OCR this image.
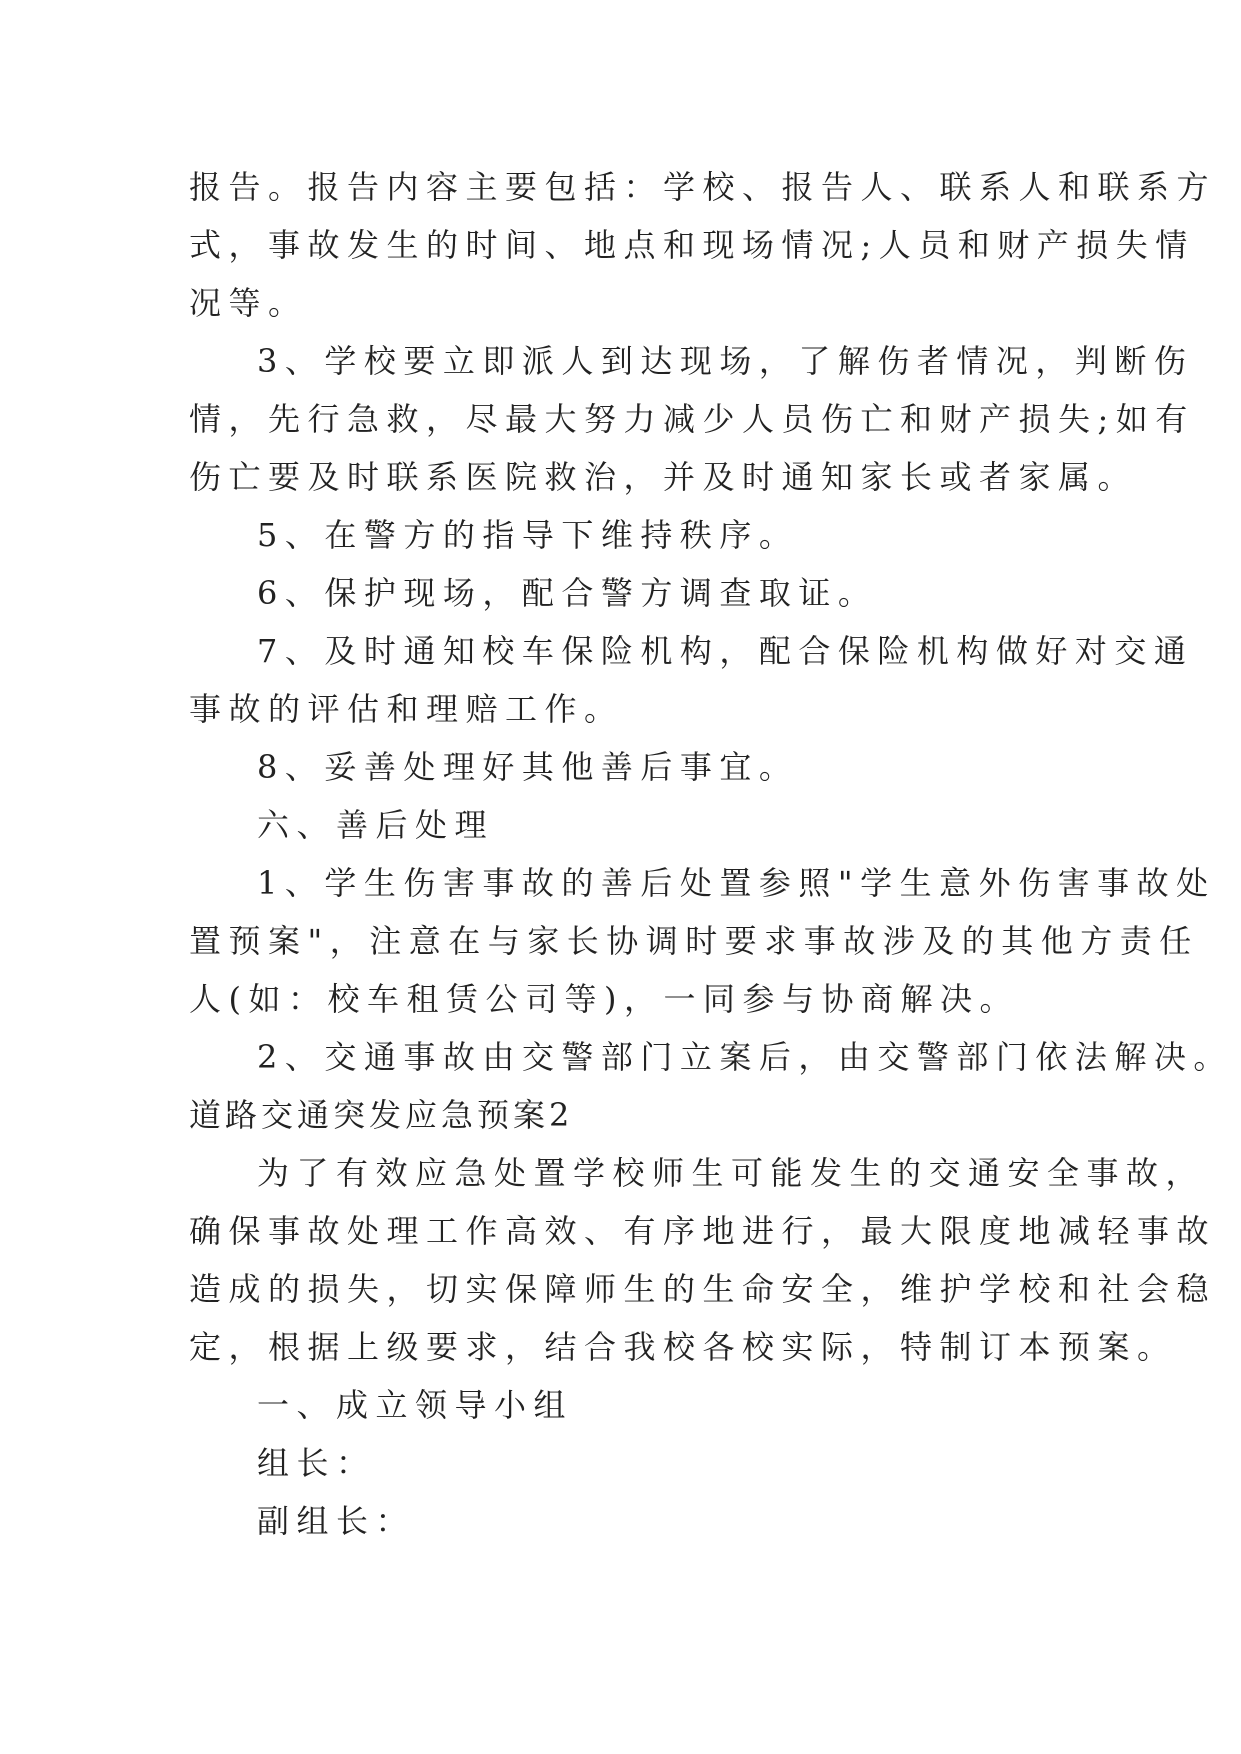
报告。报告内容主要包括：学校、报告人、联系人和联系方
式，事故发生的时间、地点和现场情况;人员和财产损失情
况等。
3、学校要立即派人到达现场，了解伤者情况，判断伤
情，先行急救，尽最大努力减少人员伤亡和财产损失;如有
伤亡要及时联系医院救治，并及时通知家长或者家属。
5、在警方的指导下维持秩序。
6、保护现场，配合警方调查取证。
7、及时通知校车保险机构，配合保险机构做好对交通
事故的评估和理赔工作。
8、妥善处理好其他善后事宜。
六、善后处理
1、学生伤害事故的善后处置参照"学生意外伤害事故处
置预案"，注意在与家长协调时要求事故涉及的其他方责任
人(如：校车租赁公司等)，一同参与协商解决。
2、交通事故由交警部门立案后，由交警部门依法解决。
道路交通突发应急预案2
为了有效应急处置学校师生可能发生的交通安全事故，
确保事故处理工作高效、有序地进行，最大限度地减轻事故
造成的损失，切实保障师生的生命安全，维护学校和社会稳
定，根据上级要求，结合我校各校实际，特制订本预案。
一、成立领导小组
组长：
副组长：
